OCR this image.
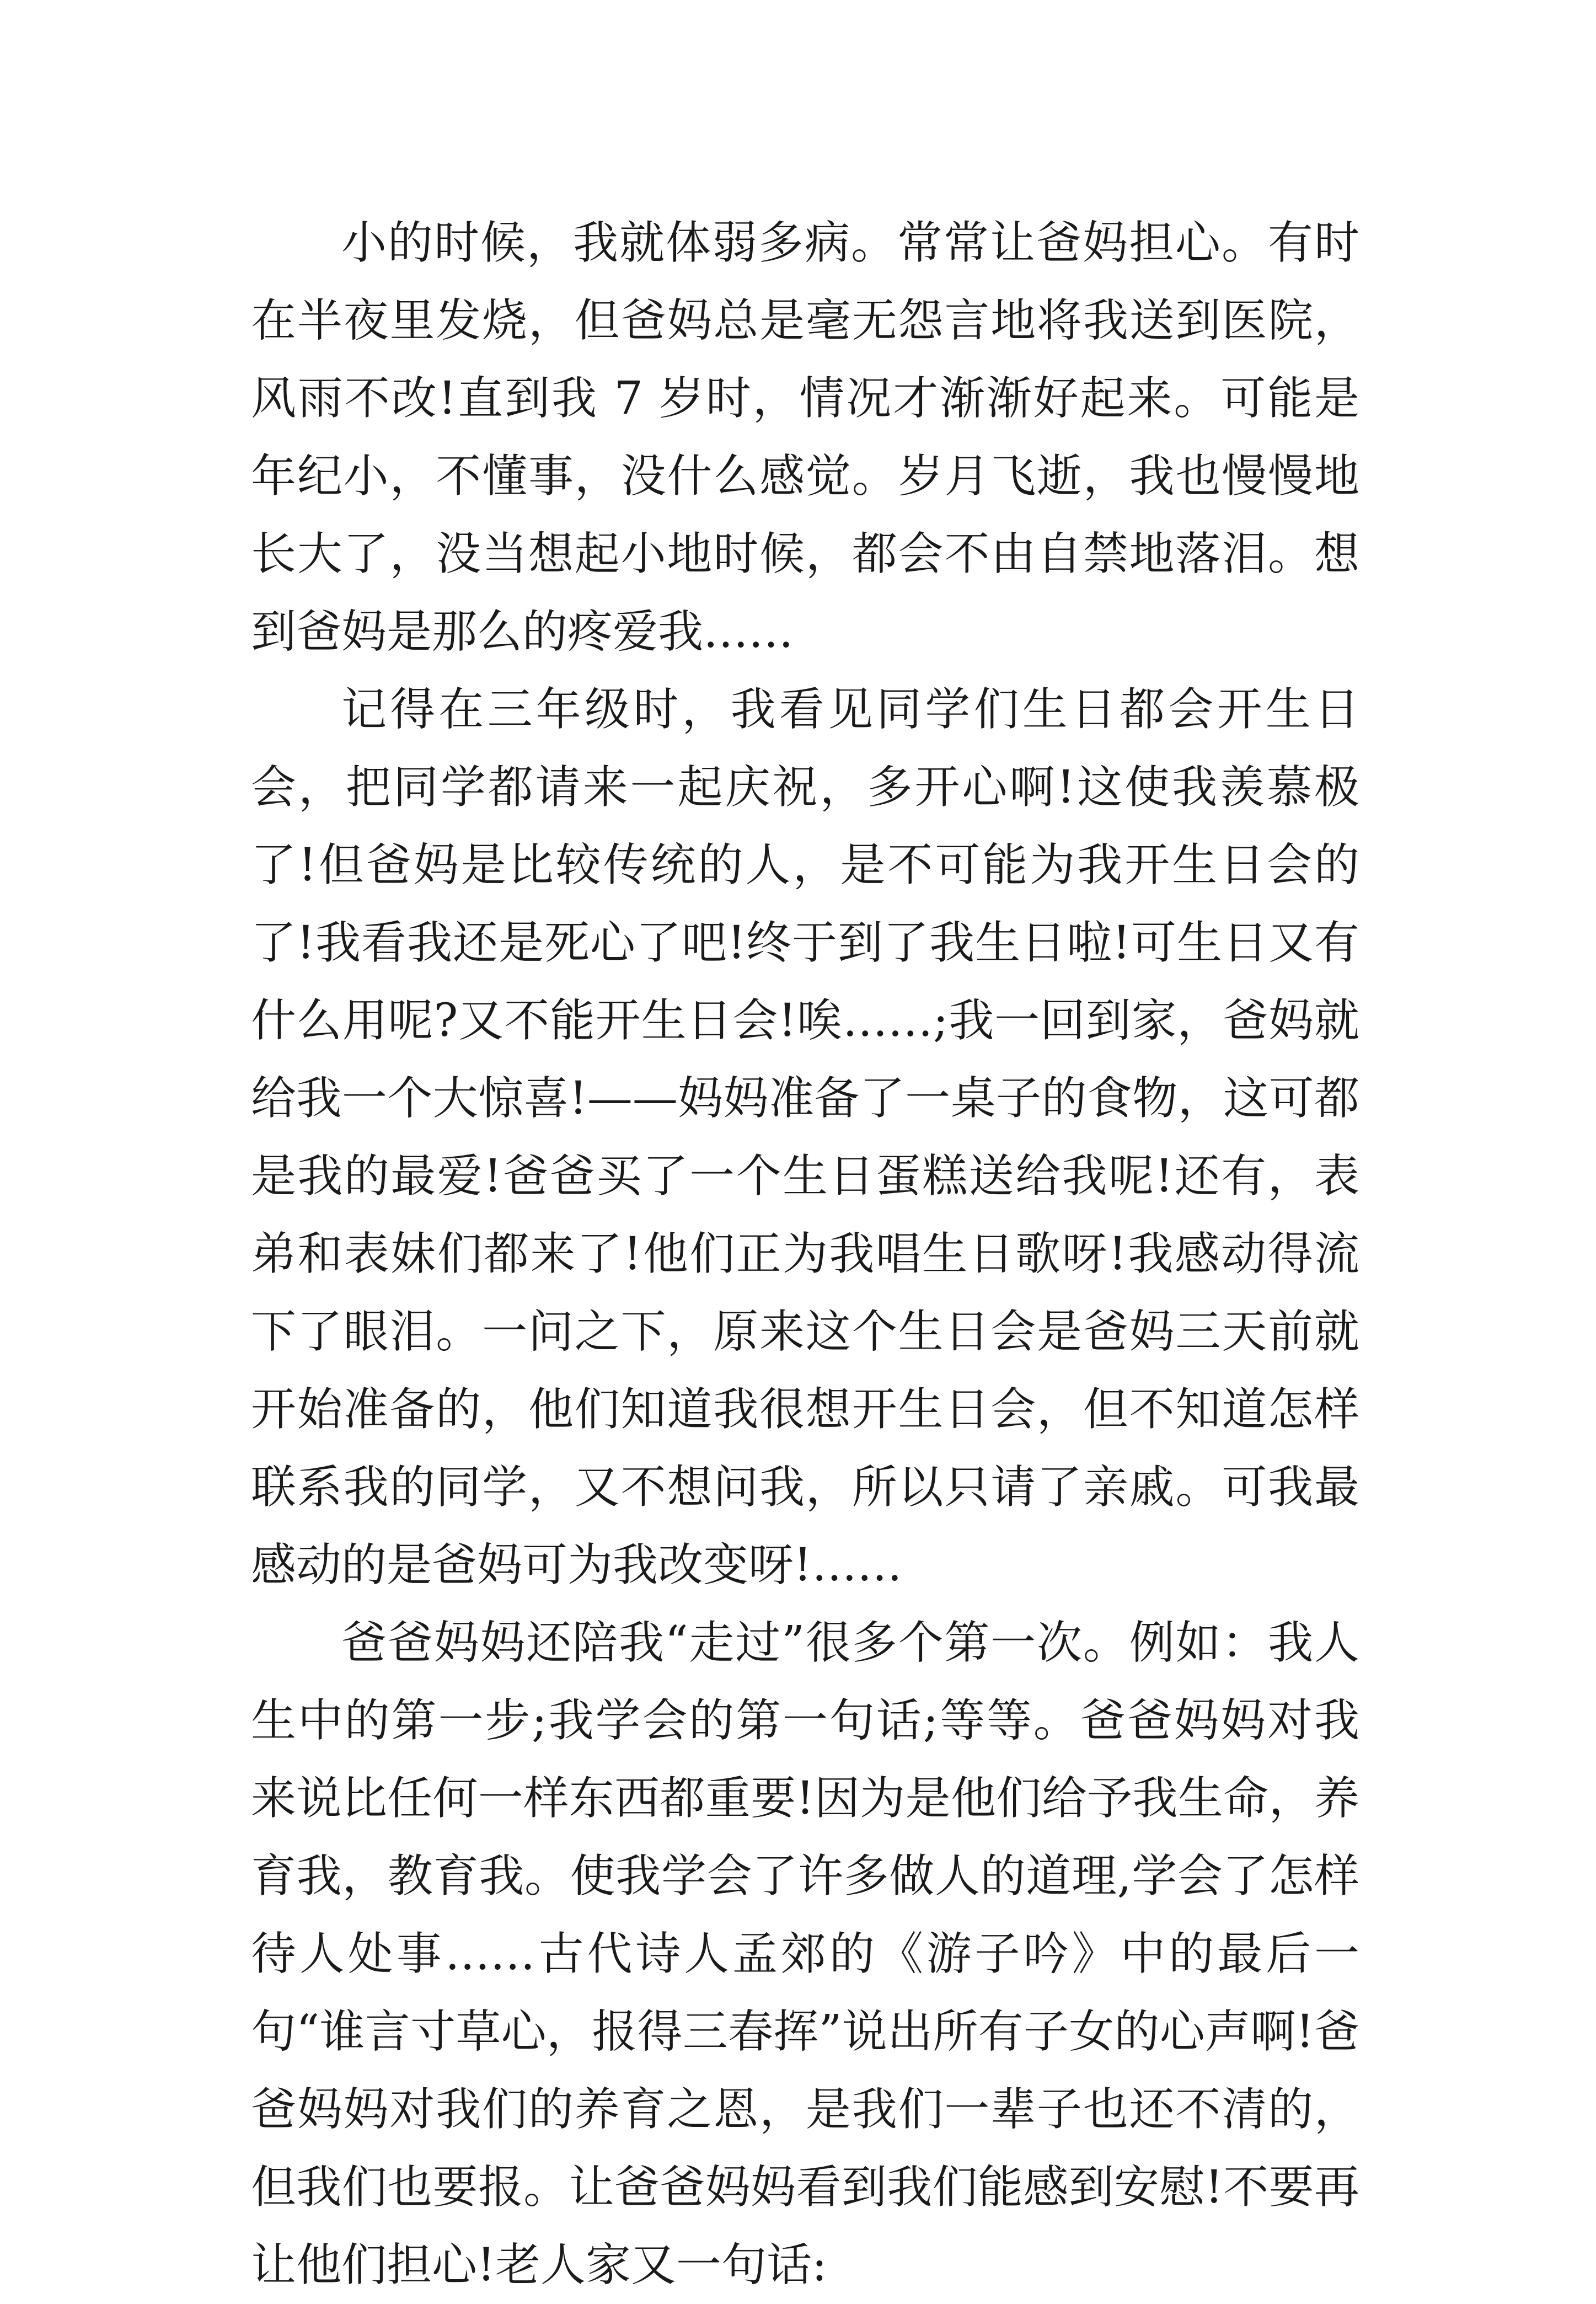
小的时候，我就体弱多病。常常让爸妈担心。有时在半夜里发烧，但爸妈总是毫无怨言地将我送到医院，风雨不改!直到我 7 岁时，情况才渐渐好起来。可能是年纪小，不懂事，没什么感觉。岁月飞逝，我也慢慢地长大了，没当想起小地时候，都会不由自禁地落泪。想到爸妈是那么的疼爱我……

记得在三年级时，我看见同学们生日都会开生日会，把同学都请来一起庆祝，多开心啊!这使我羡慕极了!但爸妈是比较传统的人，是不可能为我开生日会的了!我看我还是死心了吧!终于到了我生日啦!可生日又有什么用呢?又不能开生日会!唉……;我一回到家，爸妈就给我一个大惊喜!——妈妈准备了一桌子的食物，这可都是我的最爱!爸爸买了一个生日蛋糕送给我呢!还有，表弟和表妹们都来了!他们正为我唱生日歌呀!我感动得流下了眼泪。一问之下，原来这个生日会是爸妈三天前就开始准备的，他们知道我很想开生日会，但不知道怎样联系我的同学，又不想问我，所以只请了亲戚。可我最感动的是爸妈可为我改变呀!……

爸爸妈妈还陪我“走过”很多个第一次。例如：我人生中的第一步;我学会的第一句话;等等。爸爸妈妈对我来说比任何一样东西都重要!因为是他们给予我生命，养育我，教育我。使我学会了许多做人的道理,学会了怎样待人处事……古代诗人孟郊的《游子吟》中的最后一句“谁言寸草心，报得三春挥”说出所有子女的心声啊!爸爸妈妈对我们的养育之恩，是我们一辈子也还不清的，但我们也要报。让爸爸妈妈看到我们能感到安慰!不要再让他们担心!老人家又一句话:
